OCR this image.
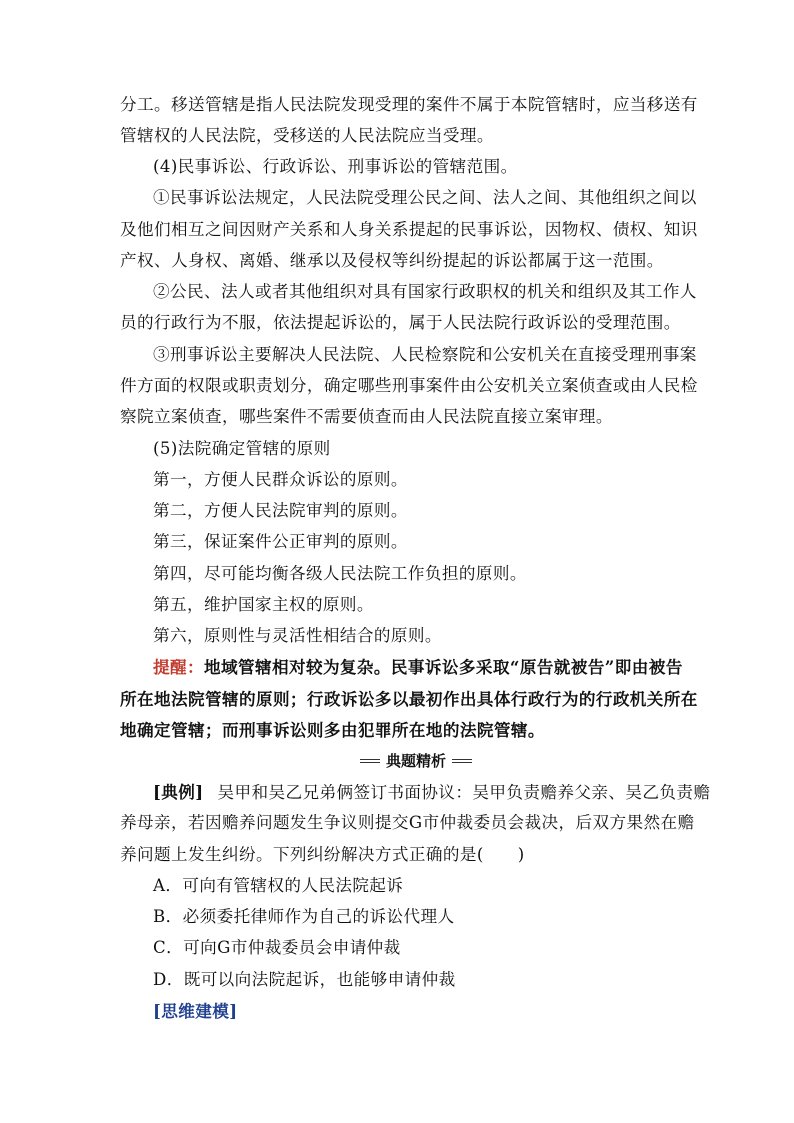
分工。移送管辖是指人民法院发现受理的案件不属于本院管辖时，应当移送有
管辖权的人民法院，受移送的人民法院应当受理。
(4)民事诉讼、行政诉讼、刑事诉讼的管辖范围。
①民事诉讼法规定，人民法院受理公民之间、法人之间、其他组织之间以
及他们相互之间因财产关系和人身关系提起的民事诉讼，因物权、债权、知识
产权、人身权、离婚、继承以及侵权等纠纷提起的诉讼都属于这一范围。
②公民、法人或者其他组织对具有国家行政职权的机关和组织及其工作人
员的行政行为不服，依法提起诉讼的，属于人民法院行政诉讼的受理范围。
③刑事诉讼主要解决人民法院、人民检察院和公安机关在直接受理刑事案
件方面的权限或职责划分，确定哪些刑事案件由公安机关立案侦查或由人民检
察院立案侦查，哪些案件不需要侦查而由人民法院直接立案审理。
(5)法院确定管辖的原则
第一，方便人民群众诉讼的原则。
第二，方便人民法院审判的原则。
第三，保证案件公正审判的原则。
第四，尽可能均衡各级人民法院工作负担的原则。
第五，维护国家主权的原则。
第六，原则性与灵活性相结合的原则。
提醒：地域管辖相对较为复杂。民事诉讼多采取“原告就被告”即由被告
所在地法院管辖的原则；行政诉讼多以最初作出具体行政行为的行政机关所在
地确定管辖；而刑事诉讼则多由犯罪所在地的法院管辖。
典题精析
[典例] 吴甲和吴乙兄弟俩签订书面协议：吴甲负责赡养父亲、吴乙负责赡
养母亲，若因赡养问题发生争议则提交G市仲裁委员会裁决，后双方果然在赡
养问题上发生纠纷。下列纠纷解决方式正确的是(　　)
A．可向有管辖权的人民法院起诉
B．必须委托律师作为自己的诉讼代理人
C．可向G市仲裁委员会申请仲裁
D．既可以向法院起诉，也能够申请仲裁
[思维建模]
